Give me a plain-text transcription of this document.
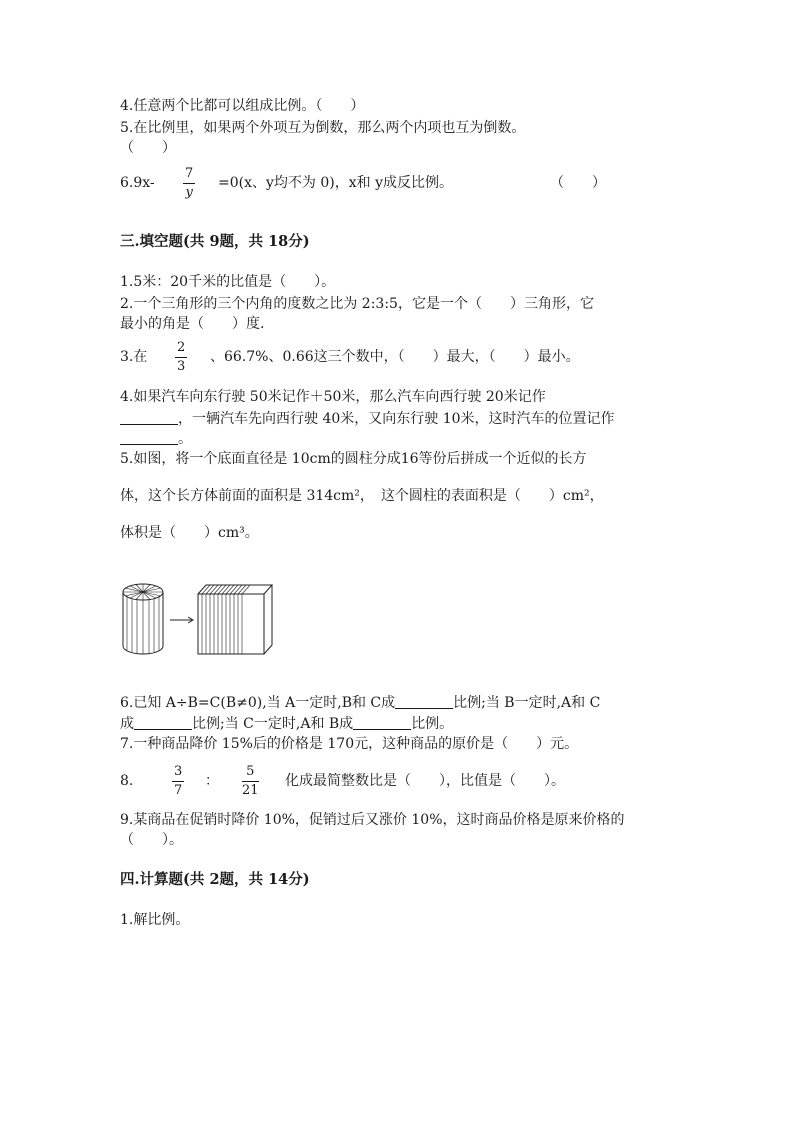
4.任意两个比都可以组成比例。（　　）
5.在比例里，如果两个外项互为倒数，那么两个内项也互为倒数。
（　　）
6.9x-
7
y
=0(x、y均不为 0)，x和 y成反比例。	（　　）
三.填空题(共 9题，共 18分)
1.5米：20千米的比值是（　　）。
2.一个三角形的三个内角的度数之比为 2:3:5，它是一个（　　）三角形，它
最小的角是（　　）度.
3.在
2
3
、66.7%、0.66这三个数中，（　　）最大，（　　）最小。
4.如果汽车向东行驶 50米记作＋50米，那么汽车向西行驶 20米记作
，一辆汽车先向西行驶 40米，又向东行驶 10米，这时汽车的位置记作
。
5.如图，将一个底面直径是 10cm的圆柱分成16等份后拼成一个近似的长方
体，这个长方体前面的面积是 314cm²，　这个圆柱的表面积是（　　）cm²，
体积是（　　）cm³。
6.已知 A÷B=C(B≠0),当 A一定时,B和 C成	比例;当 B一定时,A和 C
成	比例;当 C一定时,A和 B成	比例。
7.一种商品降价 15%后的价格是 170元，这种商品的原价是（　　）元。
8.
3
7
：
5
21
化成最简整数比是（　　），比值是（　　）。
9.某商品在促销时降价 10%，促销过后又涨价 10%，这时商品价格是原来价格的
（　　）。
四.计算题(共 2题，共 14分)
1.解比例。
